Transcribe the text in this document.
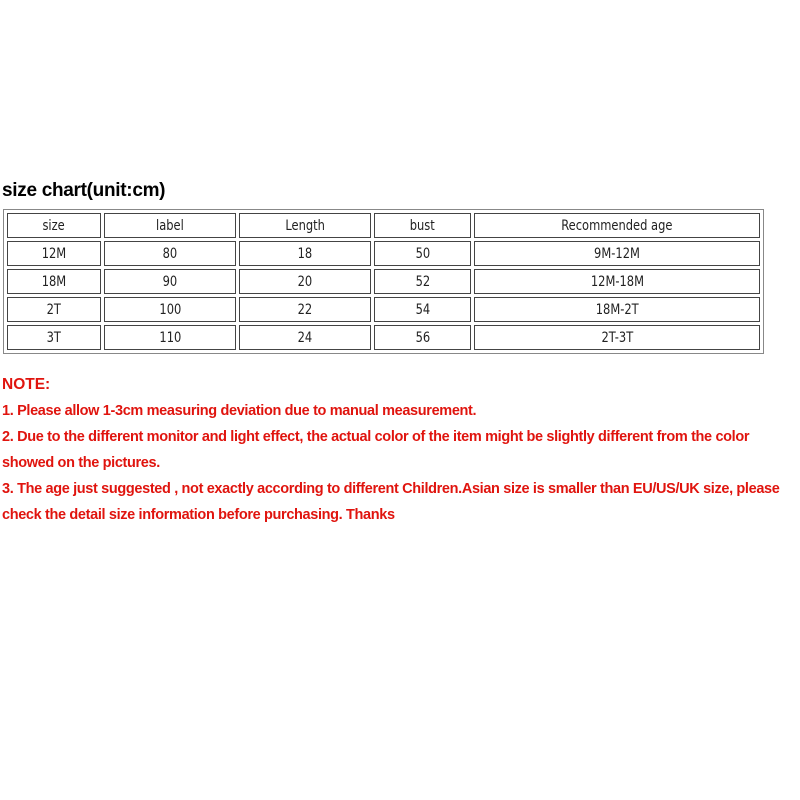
size chart(unit:cm)
size	label	Length	bust	Recommended age
12M	80	18	50	9M-12M
18M	90	20	52	12M-18M
2T	100	22	54	18M-2T
3T	110	24	56	2T-3T
NOTE:
1. Please allow 1-3cm measuring deviation due to manual measurement.
2. Due to the different monitor and light effect, the actual color of the item might be slightly different from the color showed on the pictures.
3. The age just suggested , not exactly according to different Children.Asian size is smaller than EU/US/UK size, please check the detail size information before purchasing. Thanks
